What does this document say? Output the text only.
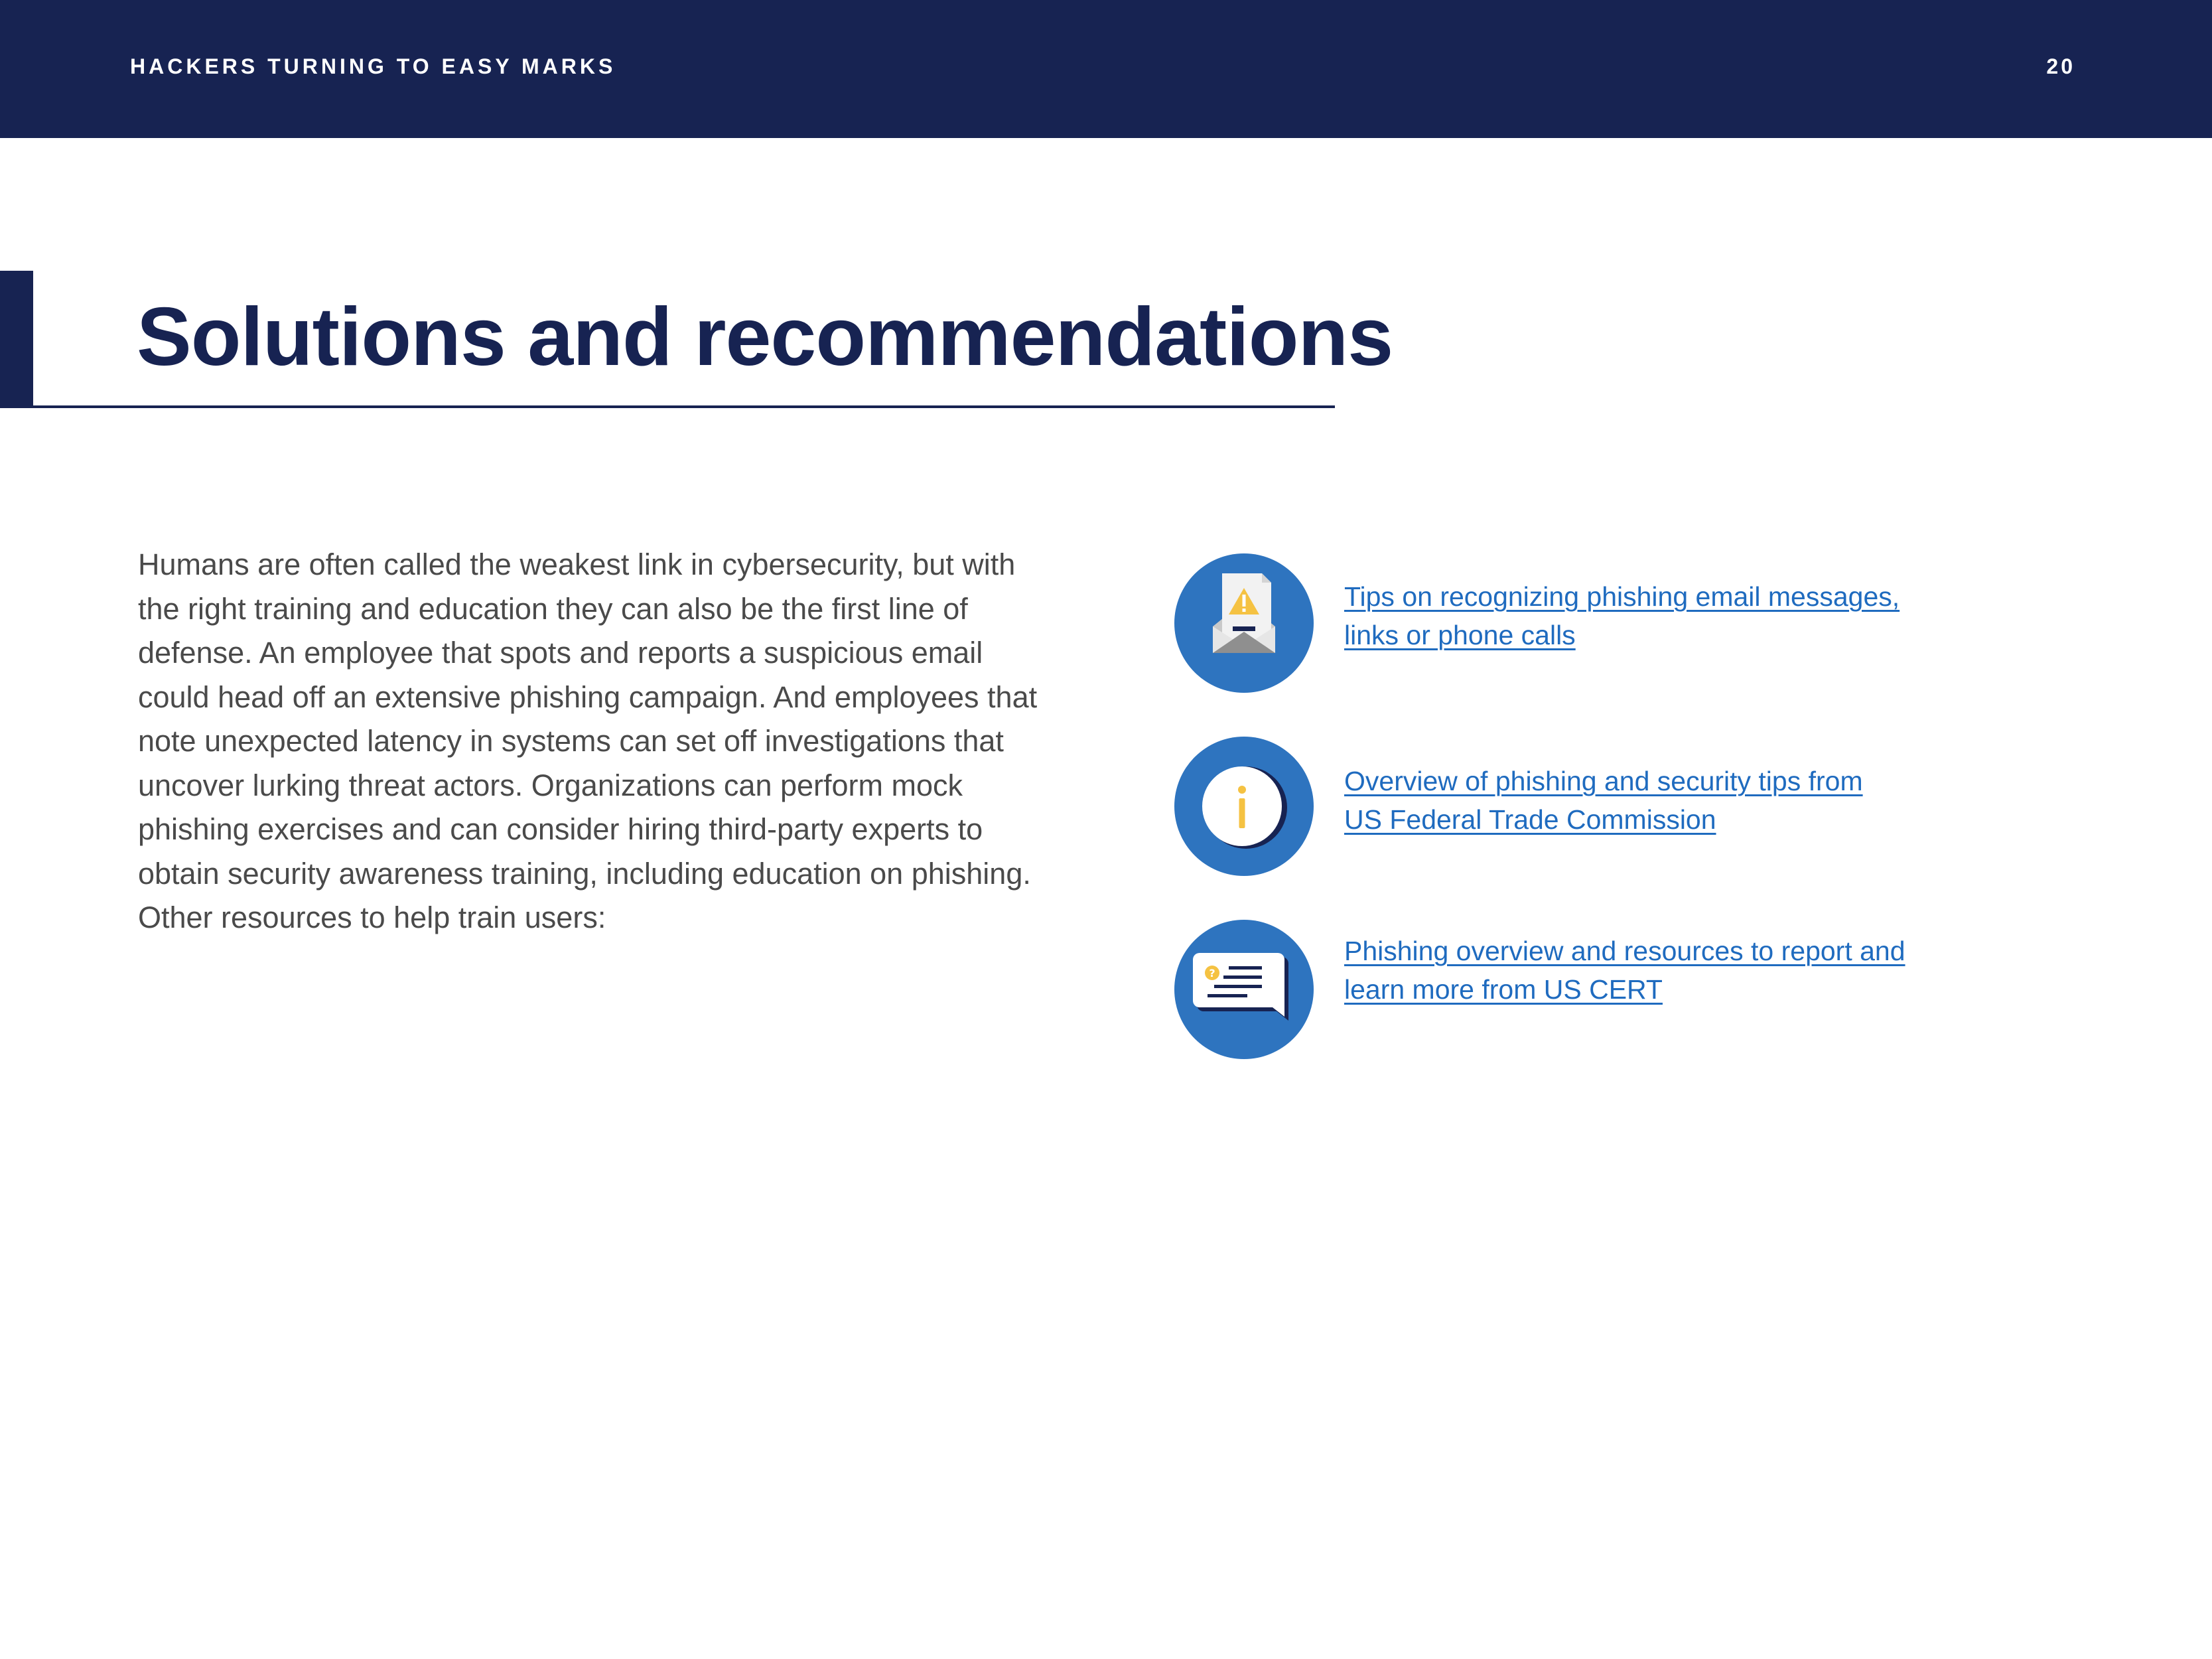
HACKERS TURNING TO EASY MARKS	20
Solutions and recommendations

Humans are often called the weakest link in cybersecurity, but with the right training and education they can also be the first line of defense. An employee that spots and reports a suspicious email could head off an extensive phishing campaign. And employees that note unexpected latency in systems can set off investigations that uncover lurking threat actors. Organizations can perform mock phishing exercises and can consider hiring third-party experts to obtain security awareness training, including education on phishing. Other resources to help train users:

Tips on recognizing phishing email messages,
links or phone calls
Overview of phishing and security tips from
US Federal Trade Commission
?
Phishing overview and resources to report and
learn more from US CERT
